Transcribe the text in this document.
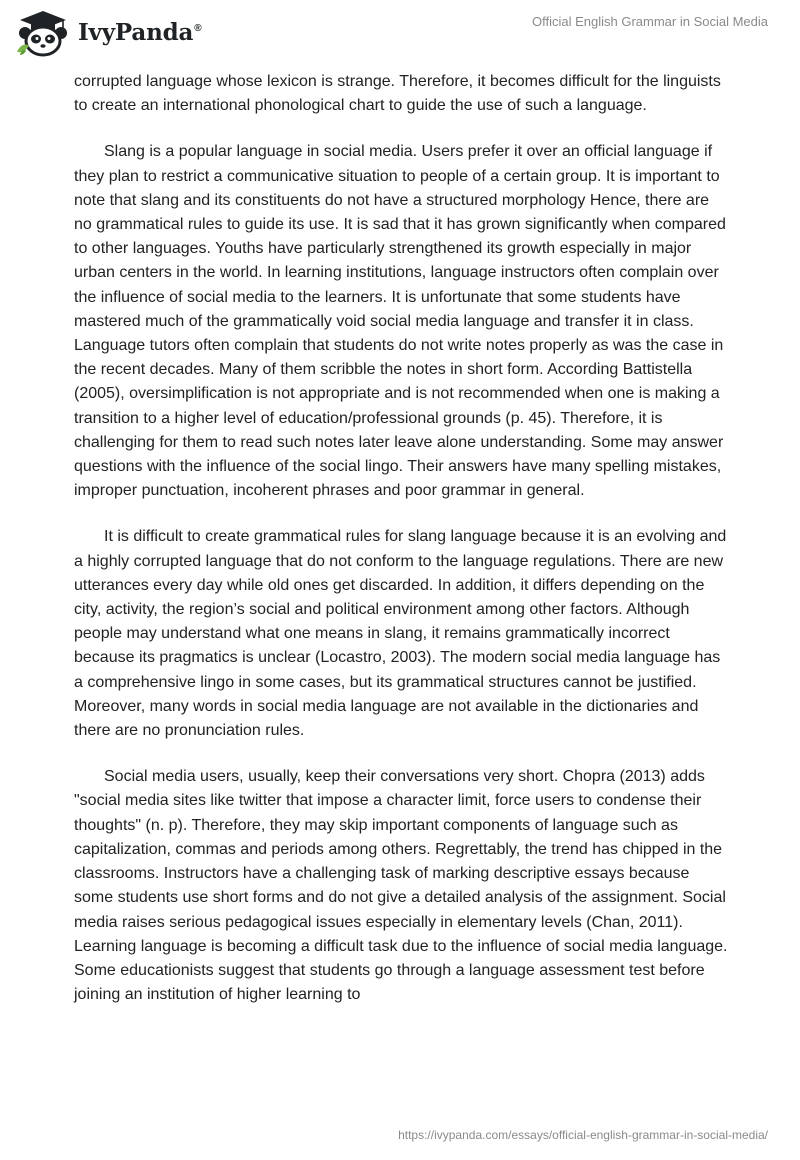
IvyPanda®	Official English Grammar in Social Media

corrupted language whose lexicon is strange. Therefore, it becomes difficult for the linguists to create an international phonological chart to guide the use of such a language.

Slang is a popular language in social media. Users prefer it over an official language if they plan to restrict a communicative situation to people of a certain group. It is important to note that slang and its constituents do not have a structured morphology Hence, there are no grammatical rules to guide its use. It is sad that it has grown significantly when compared to other languages. Youths have particularly strengthened its growth especially in major urban centers in the world. In learning institutions, language instructors often complain over the influence of social media to the learners. It is unfortunate that some students have mastered much of the grammatically void social media language and transfer it in class. Language tutors often complain that students do not write notes properly as was the case in the recent decades. Many of them scribble the notes in short form. According Battistella (2005), oversimplification is not appropriate and is not recommended when one is making a transition to a higher level of education/professional grounds (p. 45). Therefore, it is challenging for them to read such notes later leave alone understanding. Some may answer questions with the influence of the social lingo. Their answers have many spelling mistakes, improper punctuation, incoherent phrases and poor grammar in general.

It is difficult to create grammatical rules for slang language because it is an evolving and a highly corrupted language that do not conform to the language regulations. There are new utterances every day while old ones get discarded. In addition, it differs depending on the city, activity, the region’s social and political environment among other factors. Although people may understand what one means in slang, it remains grammatically incorrect because its pragmatics is unclear (Locastro, 2003). The modern social media language has a comprehensive lingo in some cases, but its grammatical structures cannot be justified. Moreover, many words in social media language are not available in the dictionaries and there are no pronunciation rules.

Social media users, usually, keep their conversations very short. Chopra (2013) adds "social media sites like twitter that impose a character limit, force users to condense their thoughts" (n. p). Therefore, they may skip important components of language such as capitalization, commas and periods among others. Regrettably, the trend has chipped in the classrooms. Instructors have a challenging task of marking descriptive essays because some students use short forms and do not give a detailed analysis of the assignment. Social media raises serious pedagogical issues especially in elementary levels (Chan, 2011). Learning language is becoming a difficult task due to the influence of social media language. Some educationists suggest that students go through a language assessment test before joining an institution of higher learning to

https://ivypanda.com/essays/official-english-grammar-in-social-media/
